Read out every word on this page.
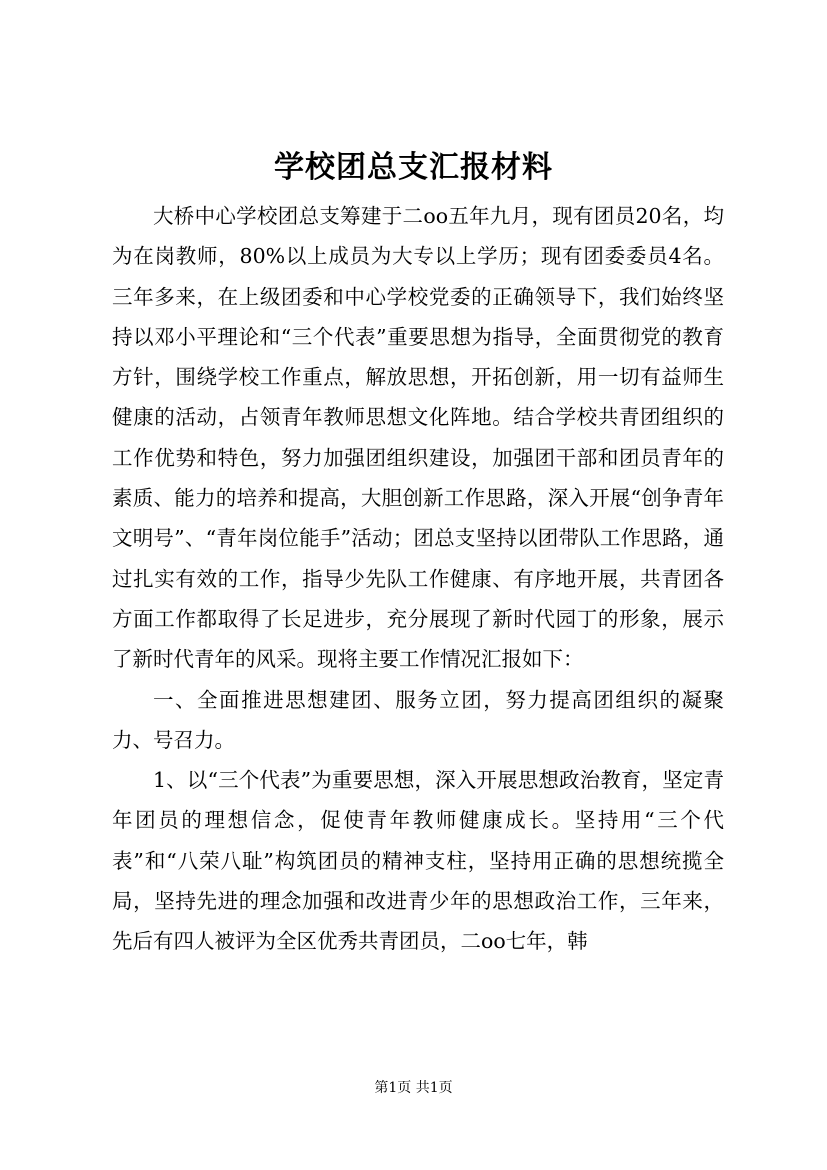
学校团总支汇报材料

大桥中心学校团总支筹建于二oo五年九月，现有团员20名，均为在岗教师，80%以上成员为大专以上学历；现有团委委员4名。三年多来，在上级团委和中心学校党委的正确领导下，我们始终坚持以邓小平理论和“三个代表”重要思想为指导，全面贯彻党的教育方针，围绕学校工作重点，解放思想，开拓创新，用一切有益师生健康的活动，占领青年教师思想文化阵地。结合学校共青团组织的工作优势和特色，努力加强团组织建设，加强团干部和团员青年的素质、能力的培养和提高，大胆创新工作思路，深入开展“创争青年文明号”、“青年岗位能手”活动；团总支坚持以团带队工作思路，通过扎实有效的工作，指导少先队工作健康、有序地开展，共青团各方面工作都取得了长足进步，充分展现了新时代园丁的形象，展示了新时代青年的风采。现将主要工作情况汇报如下：

一、全面推进思想建团、服务立团，努力提高团组织的凝聚力、号召力。

1、以“三个代表”为重要思想，深入开展思想政治教育，坚定青年团员的理想信念，促使青年教师健康成长。坚持用“三个代表”和“八荣八耻”构筑团员的精神支柱，坚持用正确的思想统揽全局，坚持先进的理念加强和改进青少年的思想政治工作，三年来，先后有四人被评为全区优秀共青团员，二oo七年，韩

第1页 共1页
